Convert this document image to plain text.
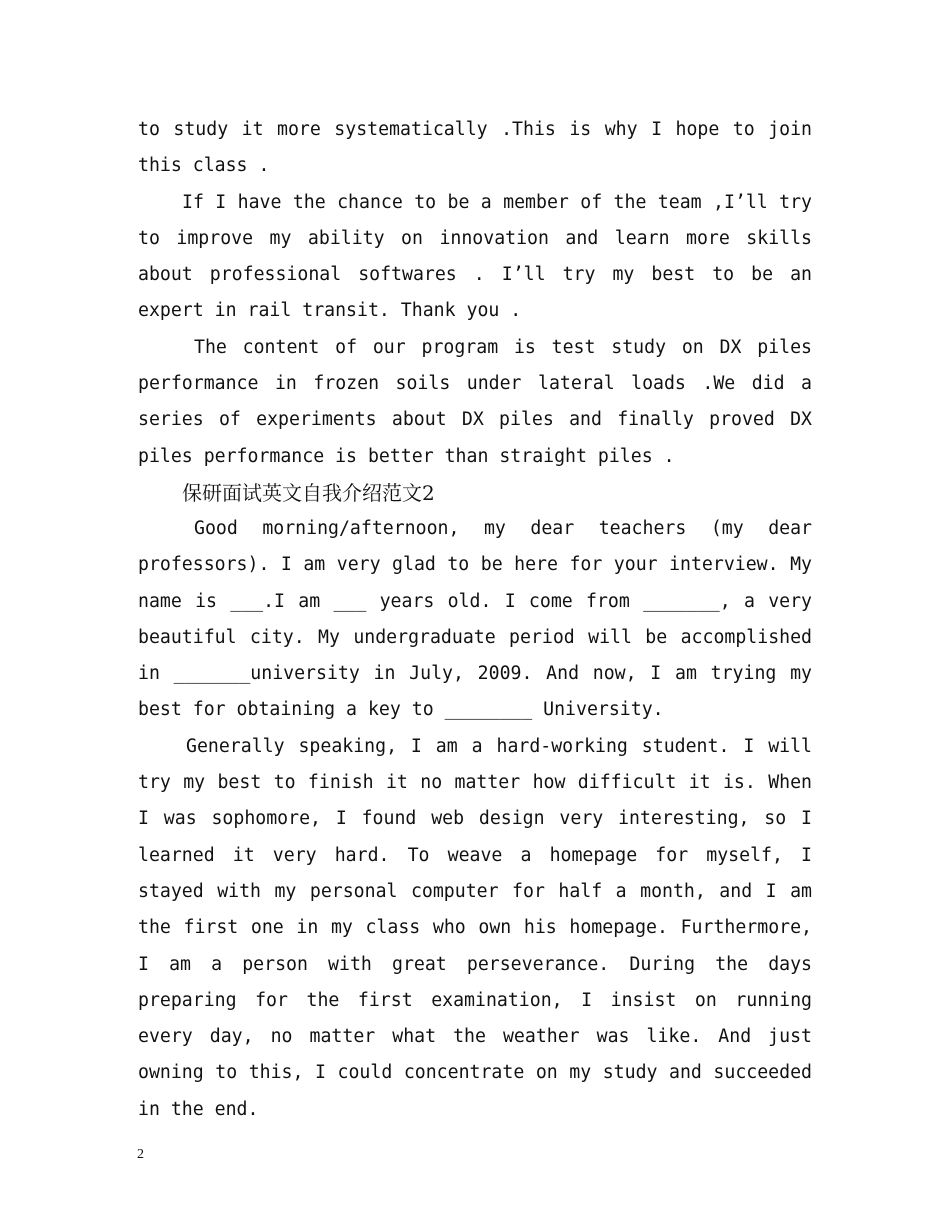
to study it more systematically .This is why I hope to join this class .

If I have the chance to be a member of the team ,I’ll try to improve my ability on innovation and learn more skills about professional softwares . I’ll try my best to be an expert in rail transit. Thank you .

The content of our program is test study on DX piles performance in frozen soils under lateral loads .We did a series of experiments about DX piles and finally proved DX piles performance is better than straight piles .

保研面试英文自我介绍范文2

Good morning/afternoon, my dear teachers (my dear professors). I am very glad to be here for your interview. My name is ___.I am ___ years old. I come from _______, a very beautiful city. My undergraduate period will be accomplished in _______university in July, 2009. And now, I am trying my best for obtaining a key to ________ University.

Generally speaking, I am a hard-working student. I will try my best to finish it no matter how difficult it is. When I was sophomore, I found web design very interesting, so I learned it very hard. To weave a homepage for myself, I stayed with my personal computer for half a month, and I am the first one in my class who own his homepage. Furthermore, I am a person with great perseverance. During the days preparing for the first examination, I insist on running every day, no matter what the weather was like. And just owning to this, I could concentrate on my study and succeeded in the end.

2
